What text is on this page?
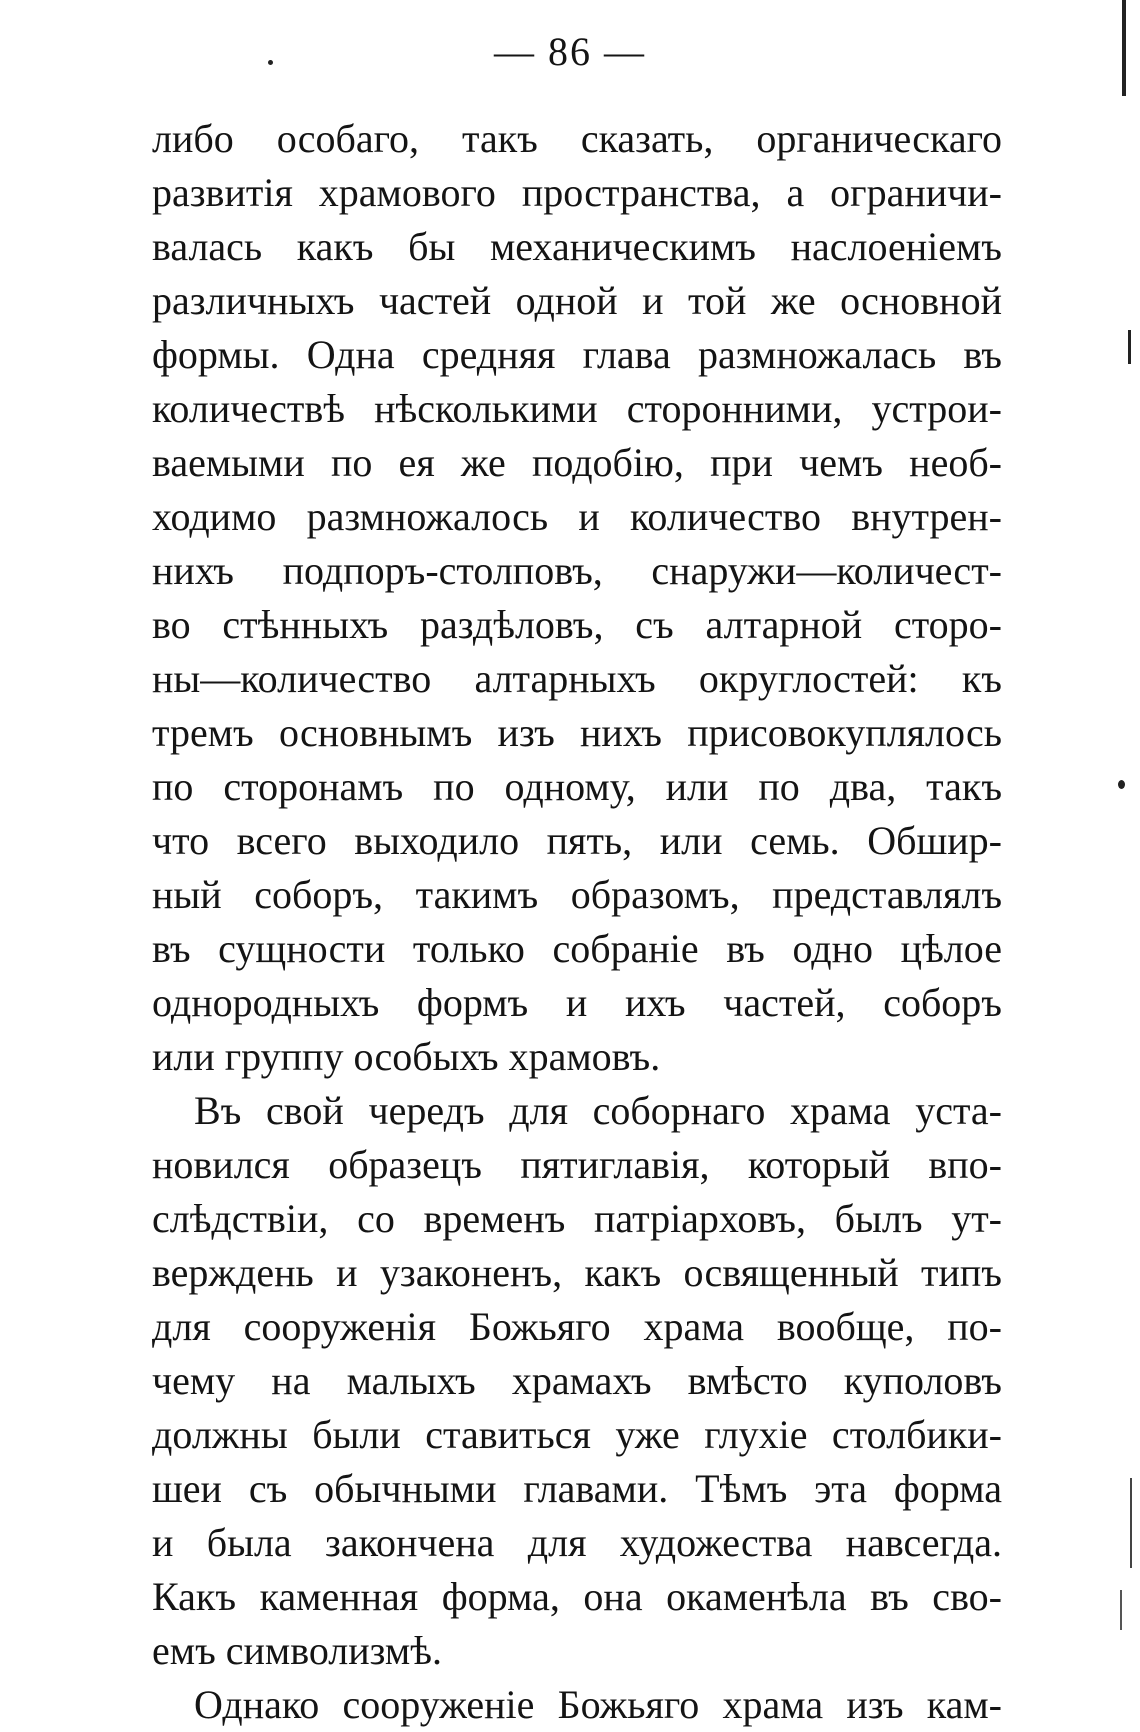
— 86 —
либо особаго, такъ сказать, органическаго
развитія храмового пространства, а ограничи-
валась какъ бы механическимъ наслоеніемъ
различныхъ частей одной и той же основной
формы. Одна средняя глава размножалась въ
количествѣ нѣсколькими сторонними, устрои-
ваемыми по ея же подобію, при чемъ необ-
ходимо размножалось и количество внутрен-
нихъ подпоръ-столповъ, снаружи—количест-
во стѣнныхъ раздѣловъ, съ алтарной сторо-
ны—количество алтарныхъ округлостей: къ
тремъ основнымъ изъ нихъ присовокуплялось
по сторонамъ по одному, или по два, такъ
что всего выходило пять, или семь. Обшир-
ный соборъ, такимъ образомъ, представлялъ
въ сущности только собраніе въ одно цѣлое
однородныхъ формъ и ихъ частей, соборъ
или группу особыхъ храмовъ.
Въ свой чередъ для соборнаго храма уста-
новился образецъ пятиглавія, который впо-
слѣдствіи, со временъ патріарховъ, былъ ут-
верждень и узаконенъ, какъ освященный типъ
для сооруженія Божьяго храма вообще, по-
чему на малыхъ храмахъ вмѣсто куполовъ
должны были ставиться уже глухіе столбики-
шеи съ обычными главами. Тѣмъ эта форма
и была закончена для художества навсегда.
Какъ каменная форма, она окаменѣла въ сво-
емъ символизмѣ.
Однако сооруженіе Божьяго храма изъ кам-
